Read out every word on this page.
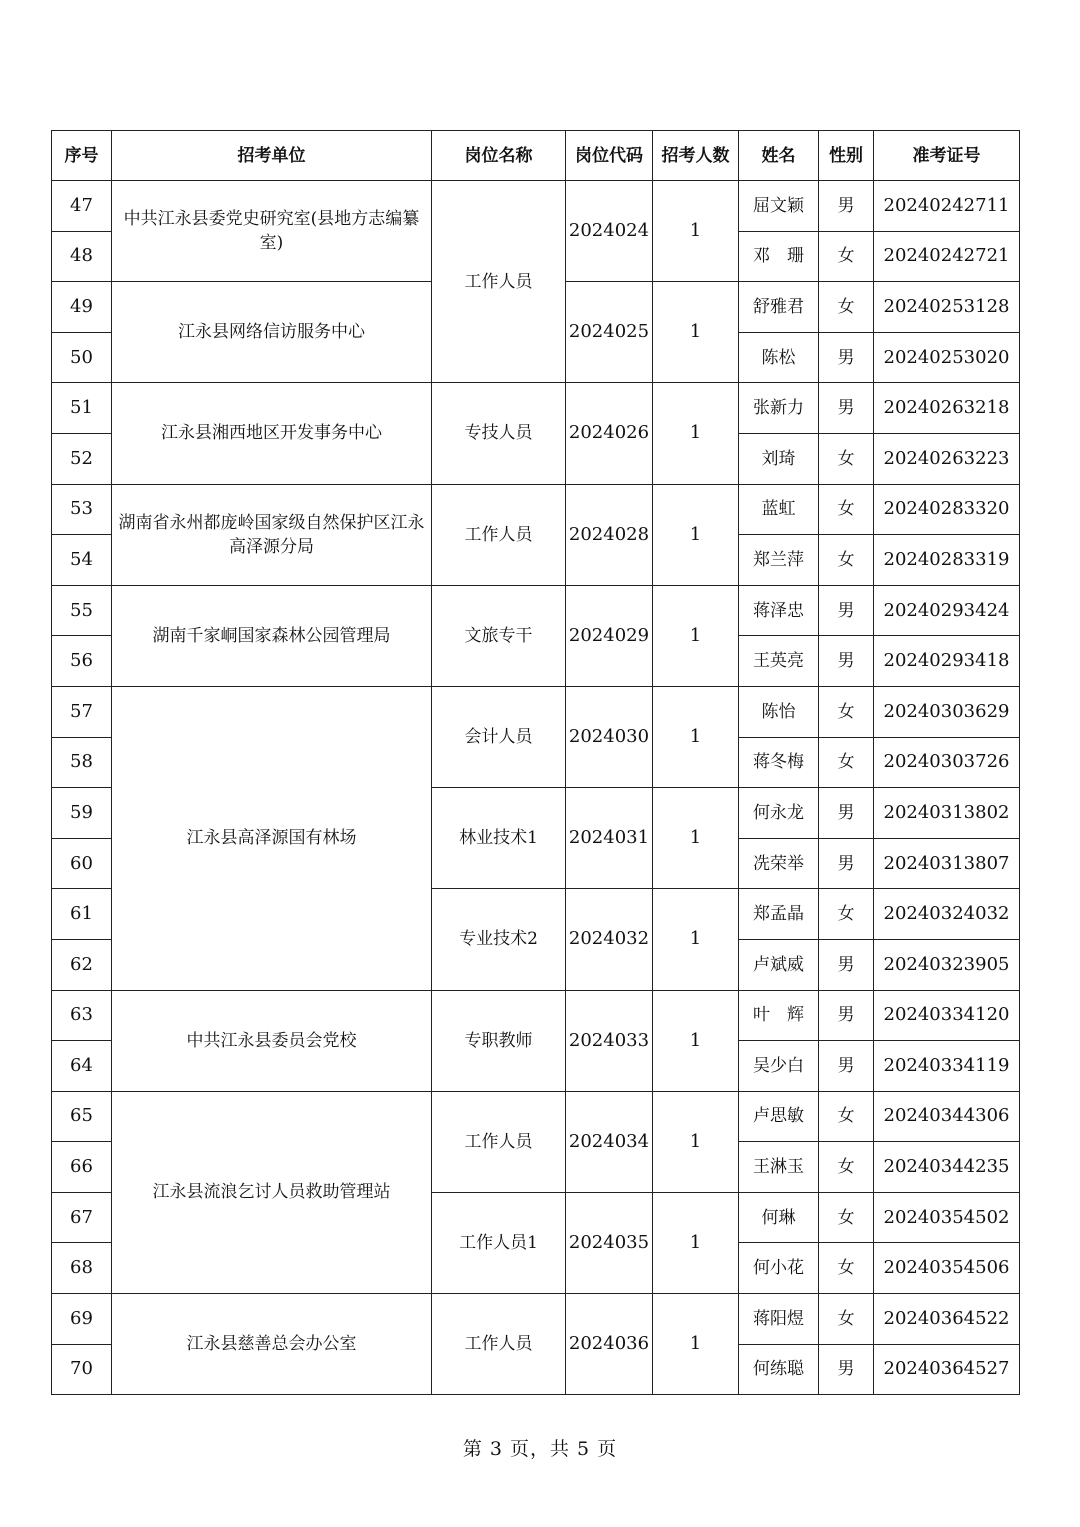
序号	招考单位	岗位名称	岗位代码	招考人数	姓名	性别	准考证号
47	中共江永县委党史研究室(县地方志编纂室)	工作人员	2024024	1	屈文颖	男	20240242711
48					邓　珊	女	20240242721
49	江永县网络信访服务中心		2024025	1	舒雅君	女	20240253128
50					陈松	男	20240253020
51	江永县湘西地区开发事务中心	专技人员	2024026	1	张新力	男	20240263218
52					刘琦	女	20240263223
53	湖南省永州都庞岭国家级自然保护区江永高泽源分局	工作人员	2024028	1	蓝虹	女	20240283320
54					郑兰萍	女	20240283319
55	湖南千家峒国家森林公园管理局	文旅专干	2024029	1	蒋泽忠	男	20240293424
56					王英亮	男	20240293418
57	江永县高泽源国有林场	会计人员	2024030	1	陈怡	女	20240303629
58					蒋冬梅	女	20240303726
59		林业技术1	2024031	1	何永龙	男	20240313802
60					冼荣举	男	20240313807
61		专业技术2	2024032	1	郑孟晶	女	20240324032
62					卢斌威	男	20240323905
63	中共江永县委员会党校	专职教师	2024033	1	叶　辉	男	20240334120
64					吴少白	男	20240334119
65	江永县流浪乞讨人员救助管理站	工作人员	2024034	1	卢思敏	女	20240344306
66					王淋玉	女	20240344235
67		工作人员1	2024035	1	何琳	女	20240354502
68					何小花	女	20240354506
69	江永县慈善总会办公室	工作人员	2024036	1	蒋阳煜	女	20240364522
70					何练聪	男	20240364527
第 3 页，共 5 页
